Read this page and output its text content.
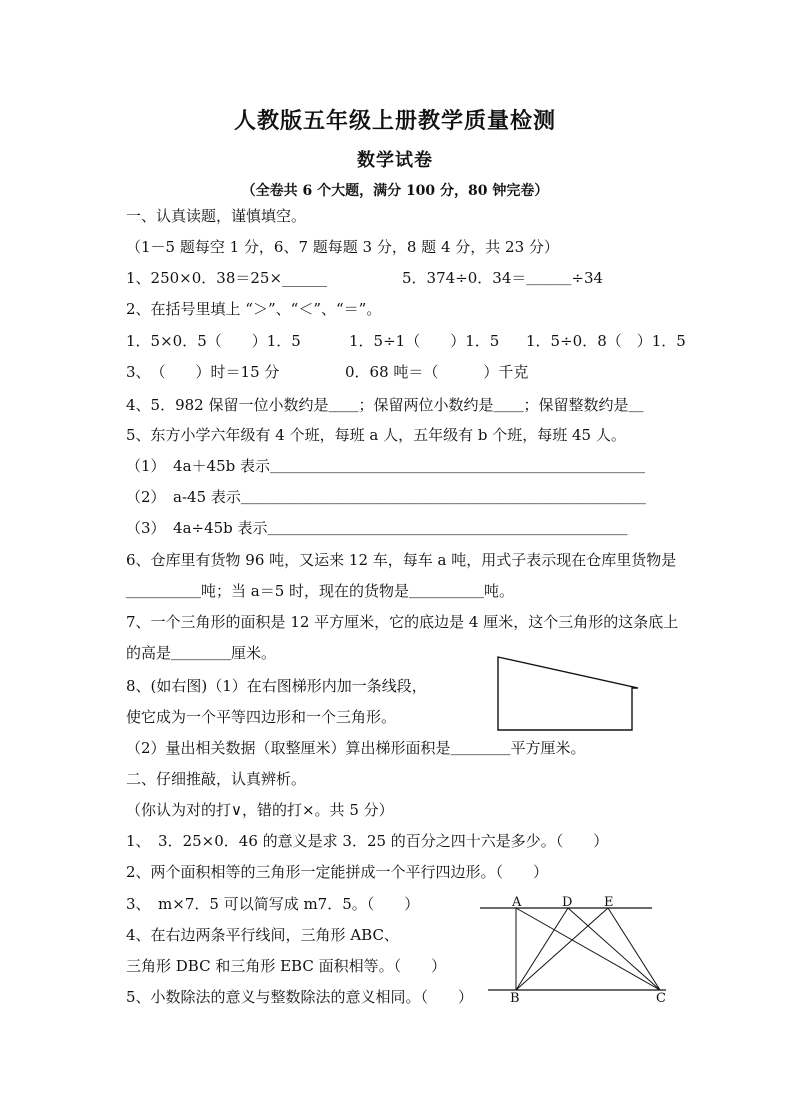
人教版五年级上册教学质量检测
数学试卷
（全卷共 6 个大题，满分 100 分，80 钟完卷）
一、认真读题，谨慎填空。
（1－5 题每空 1 分，6、7 题每题 3 分，8 题 4 分，共 23 分）
1、250×0．38＝25×______	5．374÷0．34＝＿＿＿÷34
2、在括号里填上 “＞”、“＜”、“＝”。
1．5×0．5（　　）1．5	1．5÷1（　　）1．5 1．5÷0．8（　）1．5
3、　（　　）时＝15 分	0．68 吨＝（　　　）千克
4、5．982 保留一位小数约是＿＿；保留两位小数约是＿＿；保留整数约是＿
5、东方小学六年级有 4 个班，每班 a 人，五年级有 b 个班，每班 45 人。
（1）　4a＋45b 表示＿＿＿＿＿＿＿＿＿＿＿＿＿＿＿＿＿＿＿＿＿＿＿＿＿
（2）　a-45 表示＿＿＿＿＿＿＿＿＿＿＿＿＿＿＿＿＿＿＿＿＿＿＿＿＿＿＿
（3）　4a÷45b 表示＿＿＿＿＿＿＿＿＿＿＿＿＿＿＿＿＿＿＿＿＿＿＿＿
6、仓库里有货物 96 吨，又运来 12 车，每车 a 吨，用式子表示现在仓库里货物是
＿＿＿＿＿吨；当 a＝5 时，现在的货物是＿＿＿＿＿吨。
7、一个三角形的面积是 12 平方厘米，它的底边是 4 厘米，这个三角形的这条底上
的高是＿＿＿＿厘米。
8、(如右图)（1）在右图梯形内加一条线段，
使它成为一个平等四边形和一个三角形。
（2）量出相关数据（取整厘米）算出梯形面积是＿＿＿＿平方厘米。
二、仔细推敲，认真辨析。
（你认为对的打∨，错的打×。共 5 分）
1、　3．25×0．46 的意义是求 3．25 的百分之四十六是多少。（　　）
2、两个面积相等的三角形一定能拼成一个平行四边形。（　　）
3、　m×7．5 可以简写成 m7．5。（　　）
4、在右边两条平行线间，三角形 ABC、
三角形 DBC 和三角形 EBC 面积相等。（　　）
5、小数除法的意义与整数除法的意义相同。（　　）
A	D E
B	C
